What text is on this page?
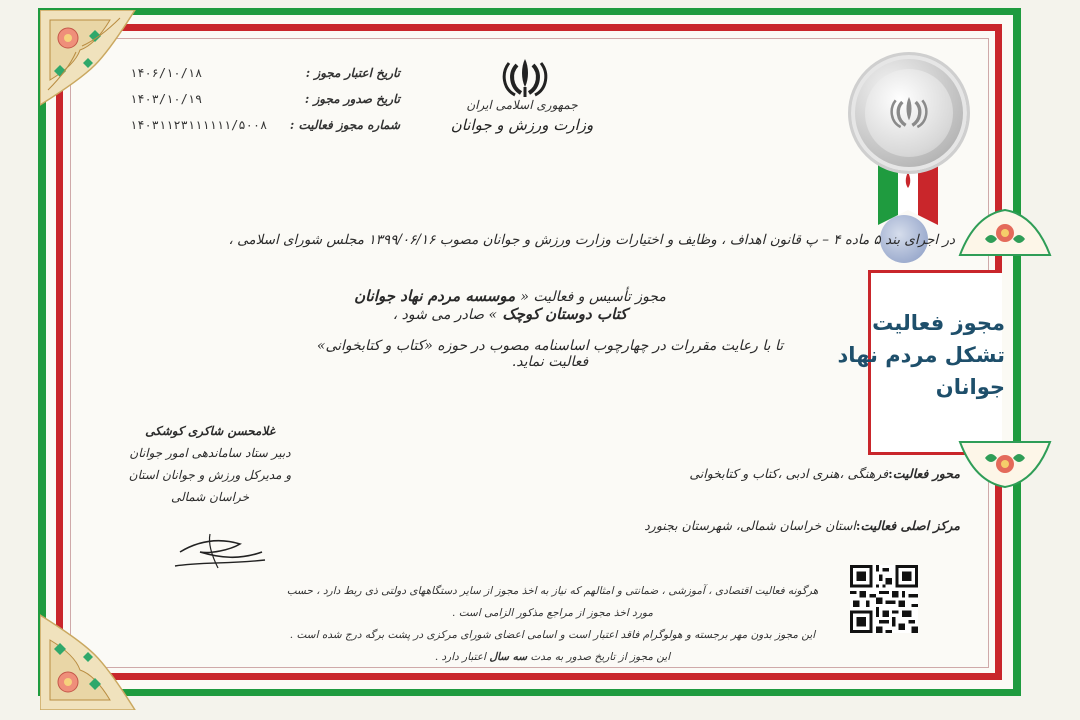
جمهوری اسلامی ایران
وزارت ورزش و جوانان
تاریخ اعتبار مجوز :
۱۴۰۶/۱۰/۱۸
تاریخ صدور مجوز :
۱۴۰۳/۱۰/۱۹
شماره مجوز فعالیت :
۱۴۰۳۱۱۲۳۱۱۱۱۱۱/۵۰۰۸
در اجرای بند ۵ ماده ۴ – پ قانون اهداف ، وظایف و اختیارات وزارت ورزش و جوانان مصوب ۱۳۹۹/۰۶/۱۶ مجلس شورای اسلامی ،
مجوز تأسیس و فعالیت « موسسه مردم نهاد جوانان کتاب دوستان کوچک » صادر می شود ،
تا با رعایت مقررات در چهارچوب اساسنامه مصوب در حوزه «کتاب و کتابخوانی» فعالیت نماید.
مجوز فعالیت
تشکل مردم نهاد
جوانان
غلامحسن شاکری کوشکی
دبیر ستاد ساماندهی امور جوانان
و مدیرکل ورزش و جوانان استان خراسان شمالی
محور فعالیت
:
فرهنگی ،هنری ادبی ،کتاب و کتابخوانی
مرکز اصلی فعالیت
:
استان خراسان شمالی، شهرستان بجنورد
هرگونه فعالیت اقتصادی ، آموزشی ، ضمانتی و امثالهم که نیاز به اخذ مجوز از سایر دستگاههای دولتی ذی ربط دارد ، حسب مورد اخذ مجوز از مراجع مذکور الزامی است .
این مجوز بدون مهر برجسته و هولوگرام فاقد اعتبار است و اسامی اعضای شورای مرکزی در پشت برگه درج شده است .
این مجوز از تاریخ صدور به مدت سه سال اعتبار دارد .
